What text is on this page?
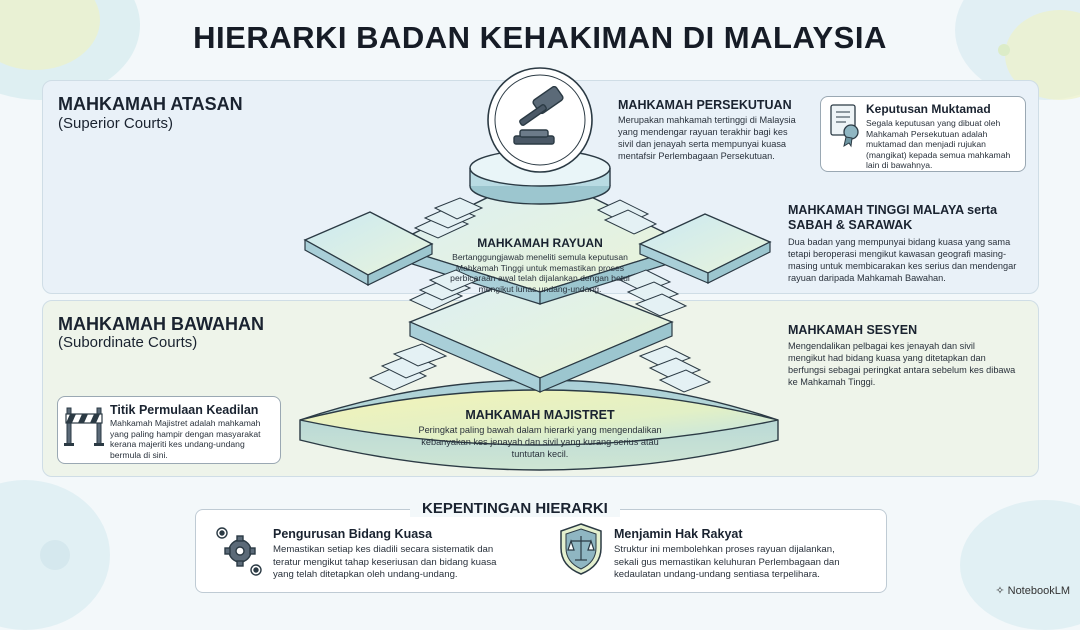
HIERARKI BADAN KEHAKIMAN DI MALAYSIA
MAHKAMAH ATASAN
(Superior Courts)
MAHKAMAH BAWAHAN
(Subordinate Courts)
MAHKAMAH PERSEKUTUAN
Merupakan mahkamah tertinggi di Malaysia
yang mendengar rayuan terakhir bagi kes
sivil dan jenayah serta mempunyai kuasa
mentafsir Perlembagaan Persekutuan.
Keputusan Muktamad
Segala keputusan yang dibuat oleh
Mahkamah Persekutuan adalah
muktamad dan menjadi rujukan
(mangikat) kepada semua mahkamah
lain di bawahnya.
MAHKAMAH TINGGI MALAYA serta
SABAH & SARAWAK
Dua badan yang mempunyai bidang kuasa yang sama
tetapi beroperasi mengikut kawasan geografi masing-
masing untuk membicarakan kes serius dan mendengar
rayuan daripada Mahkamah Bawahan.
MAHKAMAH RAYUAN
Bertanggungjawab meneliti semula keputusan
Mahkamah Tinggi untuk memastikan proses
perbicaraan awal telah dijalankan dengan betul
mengikut lunas undang-undang.
MAHKAMAH SESYEN
Mengendalikan pelbagai kes jenayah dan sivil
mengikut had bidang kuasa yang ditetapkan dan
berfungsi sebagai peringkat antara sebelum kes dibawa
ke Mahkamah Tinggi.
MAHKAMAH MAJISTRET
Peringkat paling bawah dalam hierarki yang mengendalikan
kebanyakan kes jenayah dan sivil yang kurang serius atau
tuntutan kecil.
Titik Permulaan Keadilan
Mahkamah Majistret adalah mahkamah
yang paling hampir dengan masyarakat
kerana majeriti kes undang-undang
bermula di sini.
KEPENTINGAN HIERARKI
Pengurusan Bidang Kuasa
Memastikan setiap kes diadili secara sistematik dan
teratur mengikut tahap keseriusan dan bidang kuasa
yang telah ditetapkan oleh undang-undang.
Menjamin Hak Rakyat
Struktur ini membolehkan proses rayuan dijalankan,
sekali gus memastikan keluhuran Perlembagaan dan
kedaulatan undang-undang sentiasa terpelihara.
✧ NotebookLM
